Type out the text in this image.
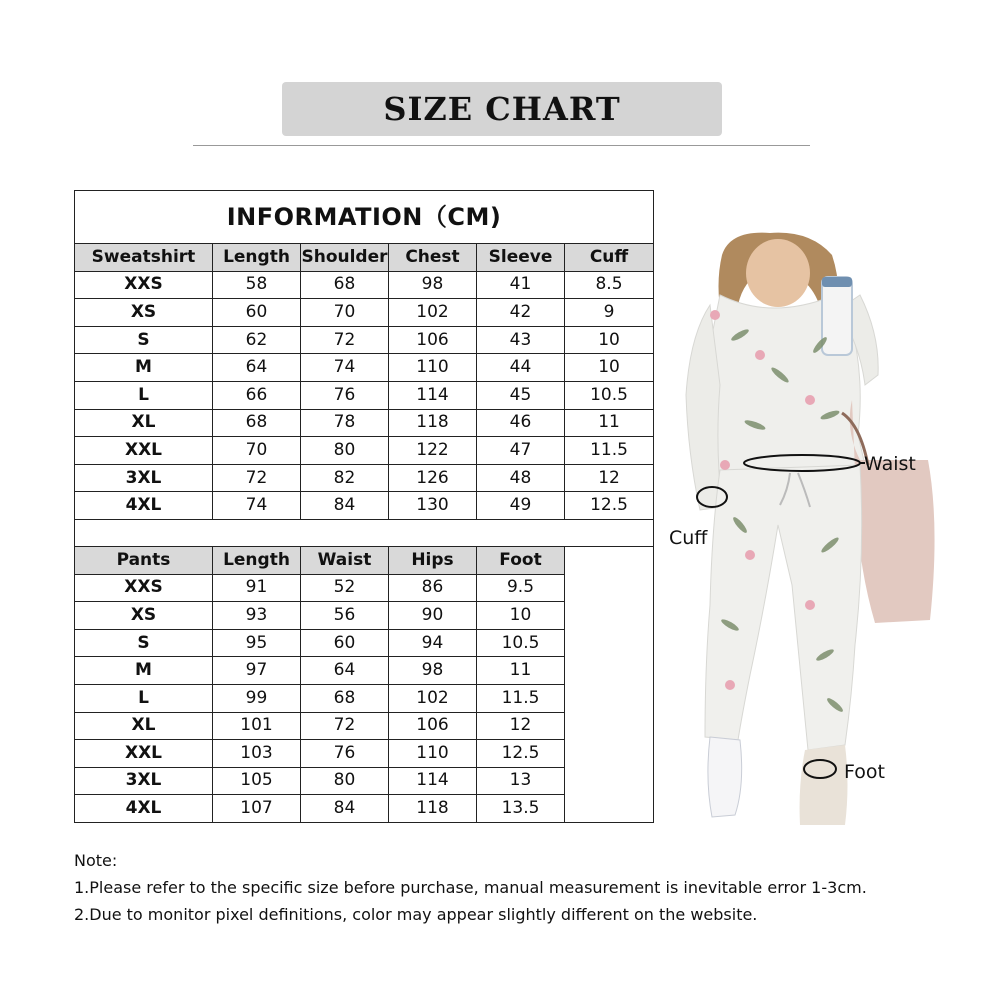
SIZE CHART
INFORMATION（CM)					
Sweatshirt	Length	Shoulder	Chest	Sleeve	Cuff
XXS	58	68	98	41	8.5
XS	60	70	102	42	9
S	62	72	106	43	10
M	64	74	110	44	10
L	66	76	114	45	10.5
XL	68	78	118	46	11
XXL	70	80	122	47	11.5
3XL	72	82	126	48	12
4XL	74	84	130	49	12.5

Pants	Length	Waist	Hips	Foot	
XXS	91	52	86	9.5	
XS	93	56	90	10	
S	95	60	94	10.5	
M	97	64	98	11	
L	99	68	102	11.5	
XL	101	72	106	12	
XXL	103	76	110	12.5	
3XL	105	80	114	13	
4XL	107	84	118	13.5	
Waist
Cuff
Foot
Note:
1.Please refer to the specific size before purchase, manual measurement is inevitable error 1-3cm.
2.Due to monitor pixel definitions, color may appear slightly different on the website.
